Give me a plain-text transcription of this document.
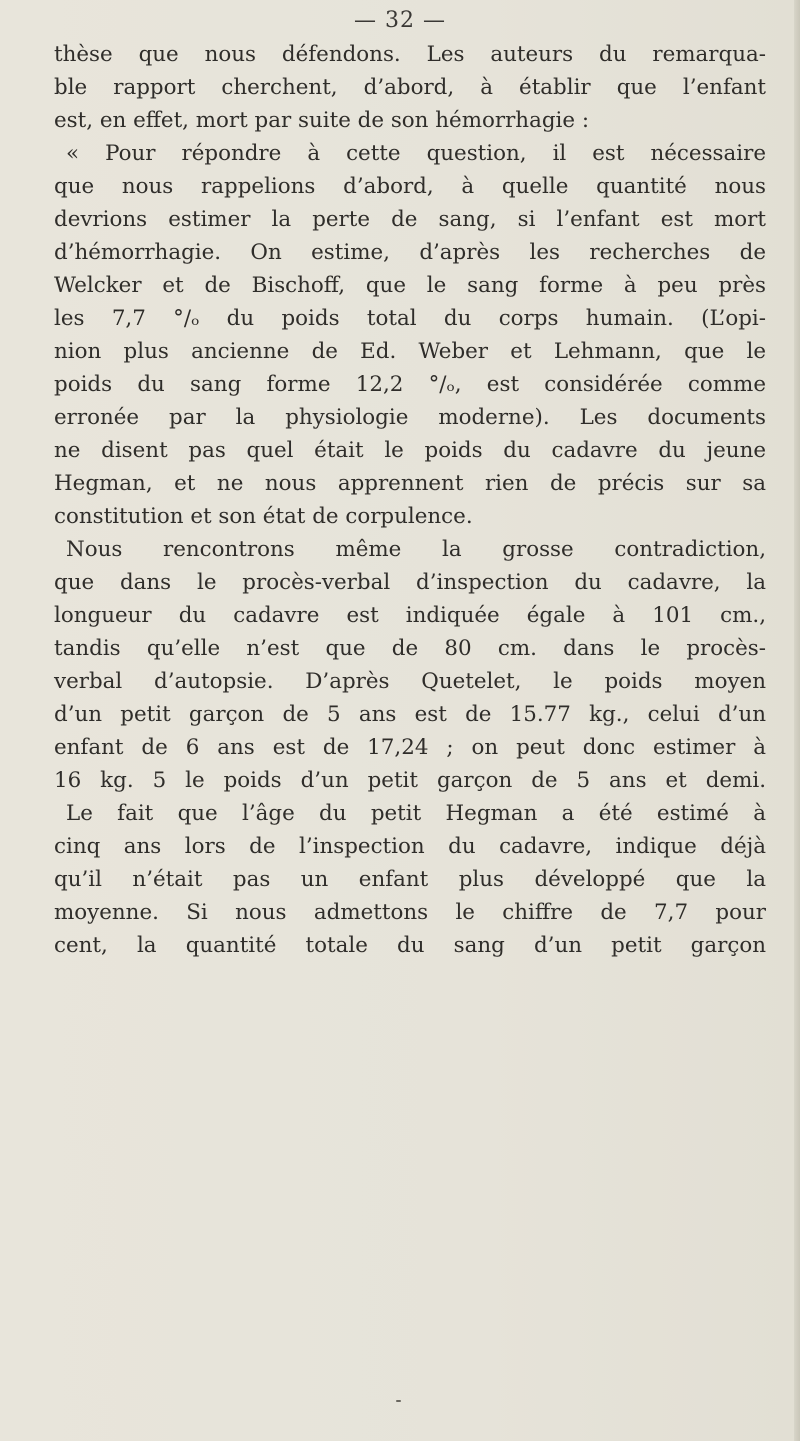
— 32 —
thèse que nous défendons. Les auteurs du remarqua-
ble rapport cherchent, d’abord, à établir que l’enfant
est, en effet, mort par suite de son hémorrhagie :
« Pour répondre à cette question, il est nécessaire
que nous rappelions d’abord, à quelle quantité nous
devrions estimer la perte de sang, si l’enfant est mort
d’hémorrhagie. On estime, d’après les recherches de
Welcker et de Bischoff, que le sang forme à peu près
les 7,7 °/ₒ du poids total du corps humain. (L’opi-
nion plus ancienne de Ed. Weber et Lehmann, que le
poids du sang forme 12,2 °/ₒ, est considérée comme
erronée par la physiologie moderne). Les documents
ne disent pas quel était le poids du cadavre du jeune
Hegman, et ne nous apprennent rien de précis sur sa
constitution et son état de corpulence.
Nous rencontrons même la grosse contradiction,
que dans le procès-verbal d’inspection du cadavre, la
longueur du cadavre est indiquée égale à 101 cm.,
tandis qu’elle n’est que de 80 cm. dans le procès-
verbal d’autopsie. D’après Quetelet, le poids moyen
d’un petit garçon de 5 ans est de 15.77 kg., celui d’un
enfant de 6 ans est de 17,24 ; on peut donc estimer à
16 kg. 5 le poids d’un petit garçon de 5 ans et demi.
Le fait que l’âge du petit Hegman a été estimé à
cinq ans lors de l’inspection du cadavre, indique déjà
qu’il n’était pas un enfant plus développé que la
moyenne. Si nous admettons le chiffre de 7,7 pour
cent, la quantité totale du sang d’un petit garçon
